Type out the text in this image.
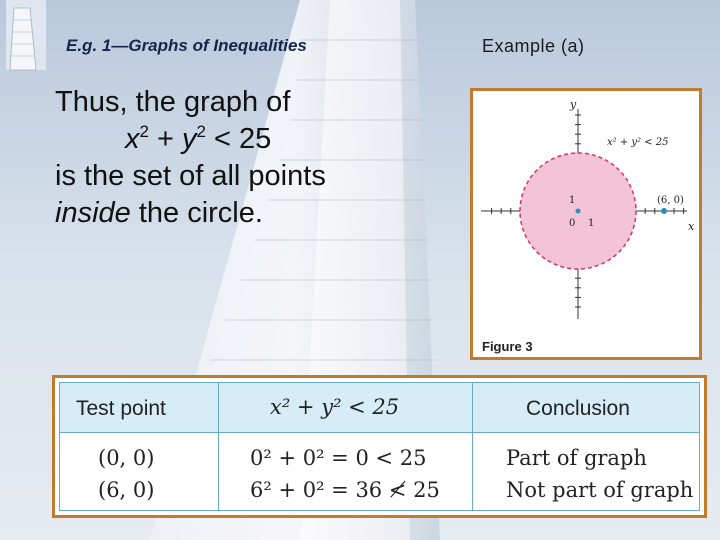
E.g. 1—Graphs of Inequalities	Example (a)
Thus, the graph of
$x^2 + y^2 < 25$
is the set of all points
inside the circle.
y
x
x² + y² < 25
(6, 0)
1
0 1
Figure 3
Test point	x² + y² < 25	Conclusion
(0, 0)	0² + 0² = 0 < 25	Part of graph
(6, 0)	6² + 0² = 36 ≮ 25	Not part of graph
